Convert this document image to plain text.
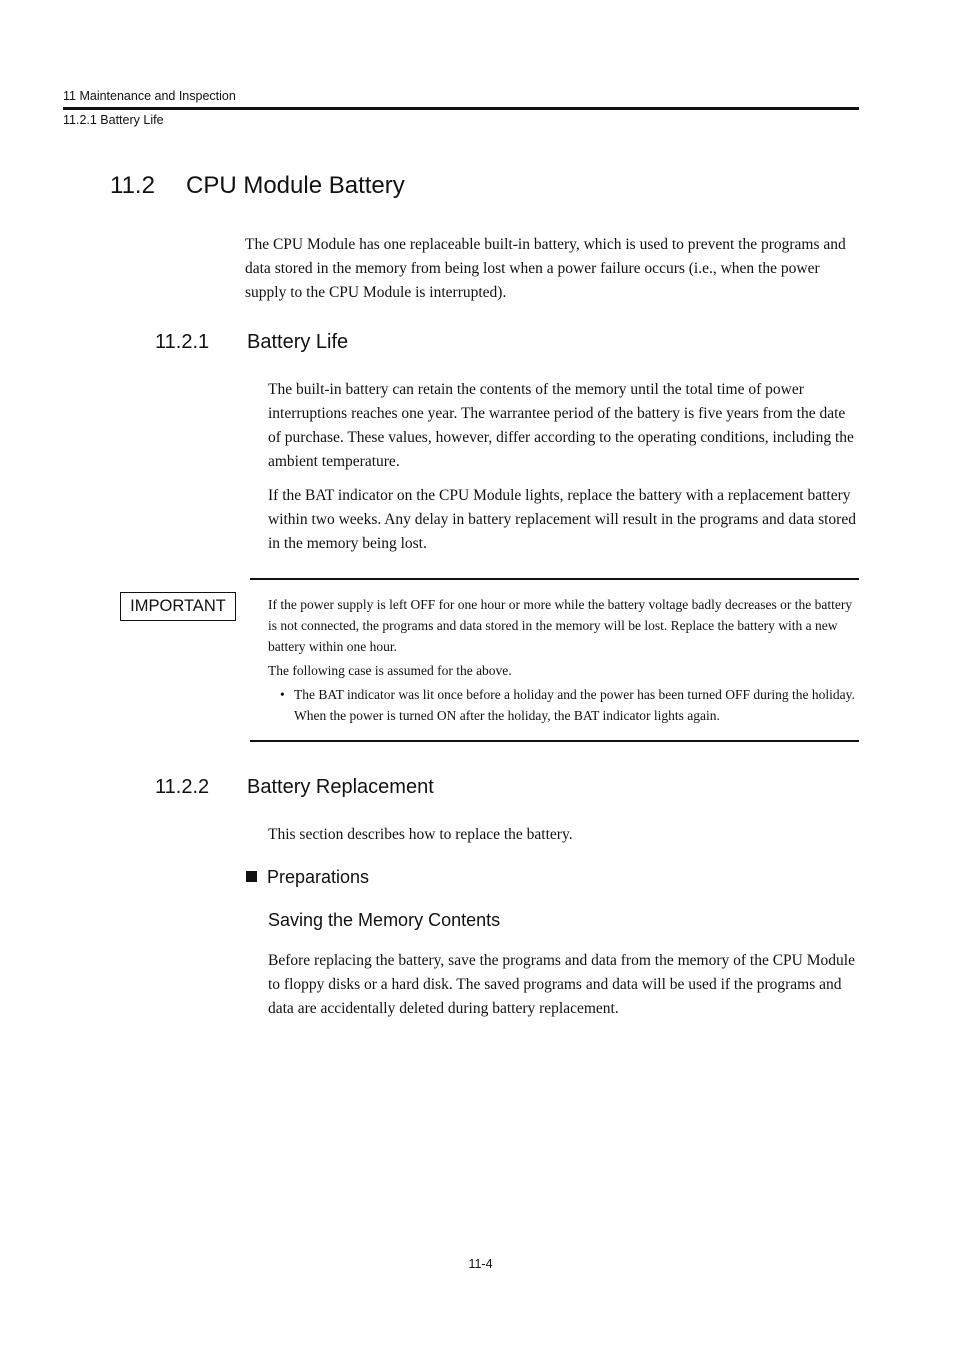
11 Maintenance and Inspection
11.2.1 Battery Life
11.2 CPU Module Battery

The CPU Module has one replaceable built-in battery, which is used to prevent the programs and data stored in the memory from being lost when a power failure occurs (i.e., when the power supply to the CPU Module is interrupted).

11.2.1 Battery Life

The built-in battery can retain the contents of the memory until the total time of power interruptions reaches one year. The warrantee period of the battery is five years from the date of purchase. These values, however, differ according to the operating conditions, including the ambient temperature.

If the BAT indicator on the CPU Module lights, replace the battery with a replacement battery within two weeks. Any delay in battery replacement will result in the programs and data stored in the memory being lost.

IMPORTANT	If the power supply is left OFF for one hour or more while the battery voltage badly decreases or the battery is not connected, the programs and data stored in the memory will be lost. Replace the battery with a new battery within one hour.

The following case is assumed for the above.

• The BAT indicator was lit once before a holiday and the power has been turned OFF during the holiday. When the power is turned ON after the holiday, the BAT indicator lights again.
11.2.2 Battery Replacement

This section describes how to replace the battery.

Preparations
Saving the Memory Contents

Before replacing the battery, save the programs and data from the memory of the CPU Module to floppy disks or a hard disk. The saved programs and data will be used if the programs and data are accidentally deleted during battery replacement.

11-4
